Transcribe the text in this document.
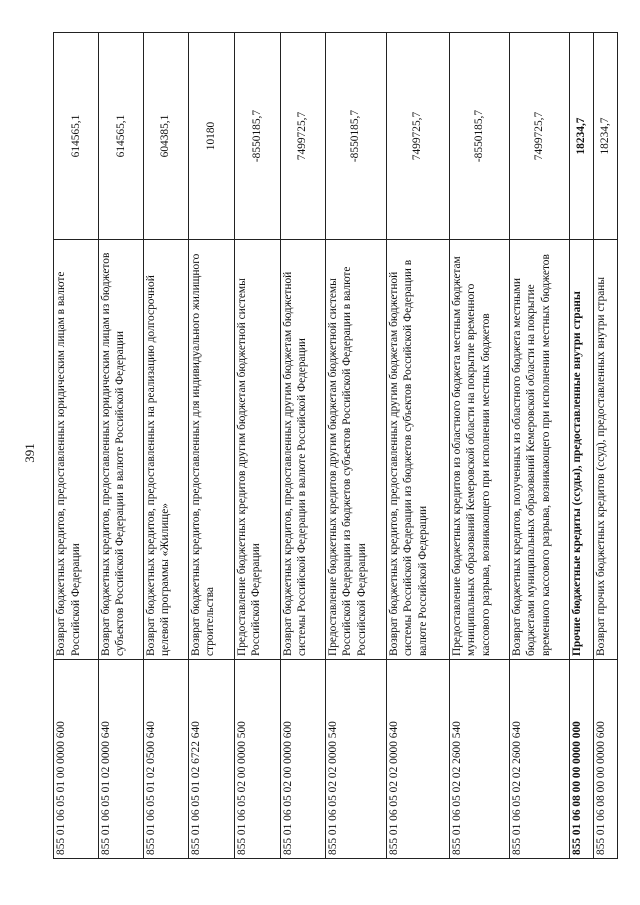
391
855 01 06 05 01 00 0000 600	Возврат бюджетных кредитов, предоставленных юридическим лицам в валюте Российской Федерации	614565,1
855 01 06 05 01 02 0000 640	Возврат бюджетных кредитов, предоставленных юридическим лицам из бюджетов субъектов Российской Федерации в валюте Российской Федерации	614565,1
855 01 06 05 01 02 0500 640	Возврат бюджетных кредитов, предоставленных на реализацию долгосрочной целевой программы «Жилище»	604385,1
855 01 06 05 01 02 6722 640	Возврат бюджетных кредитов, предоставленных для индивидуального жилищного строительства	10180
855 01 06 05 02 00 0000 500	Предоставление бюджетных кредитов другим бюджетам бюджетной системы Российской Федерации	-8550185,7
855 01 06 05 02 00 0000 600	Возврат бюджетных кредитов, предоставленных другим бюджетам бюджетной системы Российской Федерации в валюте Российской Федерации	7499725,7
855 01 06 05 02 02 0000 540	Предоставление бюджетных кредитов другим бюджетам бюджетной системы Российской Федерации из бюджетов субъектов Российской Федерации в валюте Российской Федерации	-8550185,7
855 01 06 05 02 02 0000 640	Возврат бюджетных кредитов, предоставленных другим бюджетам бюджетной системы Российской Федерации из бюджетов субъектов Российской Федерации в валюте Российской Федерации	7499725,7
855 01 06 05 02 02 2600 540	Предоставление бюджетных кредитов из областного бюджета местным бюджетам муниципальных образований Кемеровской области на покрытие временного кассового разрыва, возникающего при исполнении местных бюджетов	-8550185,7
855 01 06 05 02 02 2600 640	Возврат бюджетных кредитов, полученных из областного бюджета местными бюджетами муниципальных образований Кемеровской области на покрытие временного кассового разрыва, возникающего при исполнении местных бюджетов	7499725,7
855 01 06 08 00 00 0000 000	Прочие бюджетные кредиты (ссуды), предоставленные внутри страны	18234,7
855 01 06 08 00 00 0000 600	Возврат прочих бюджетных кредитов (ссуд), предоставленных внутри страны	18234,7
